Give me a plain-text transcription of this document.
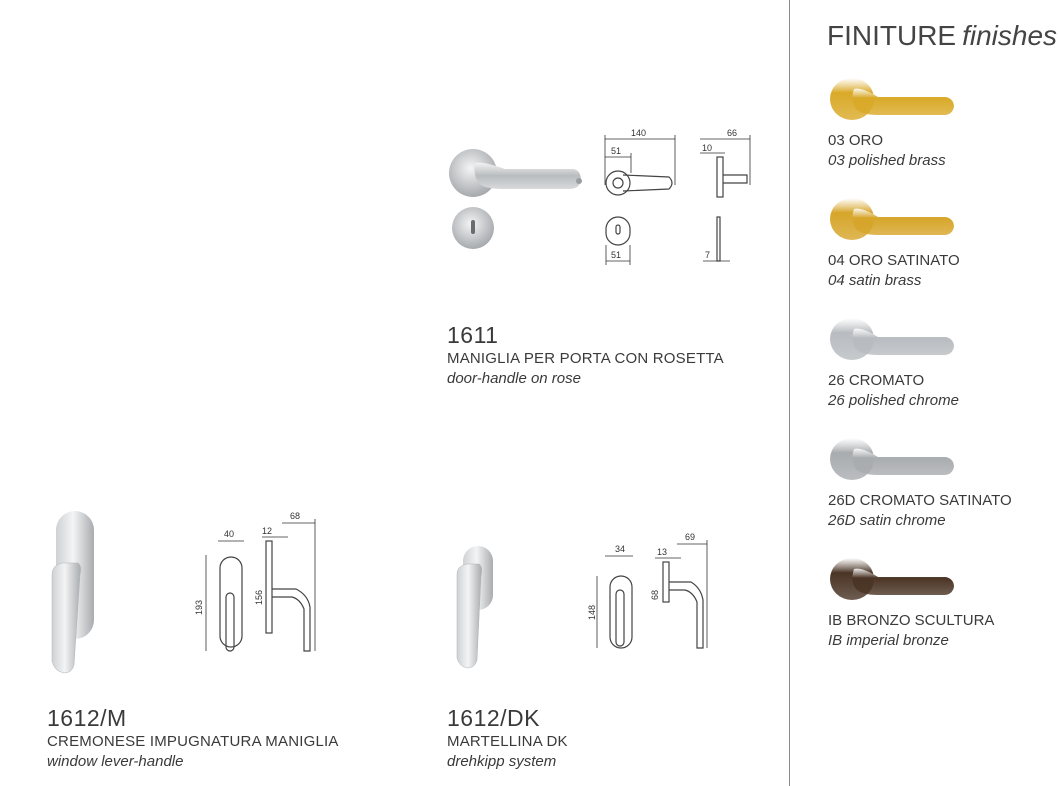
140
51
51
66
10
7
1611
MANIGLIA PER PORTA CON ROSETTA
door-handle on rose
40
193
12
68
156
1612/M
CREMONESE IMPUGNATURA MANIGLIA
window lever-handle
34
148
13
69
68
1612/DK
MARTELLINA DK
drehkipp system
FINITURE finishes
03 ORO
03 polished brass
04 ORO SATINATO
04 satin brass
26 CROMATO
26 polished chrome
26D CROMATO SATINATO
26D satin chrome
IB BRONZO SCULTURA
IB imperial bronze
